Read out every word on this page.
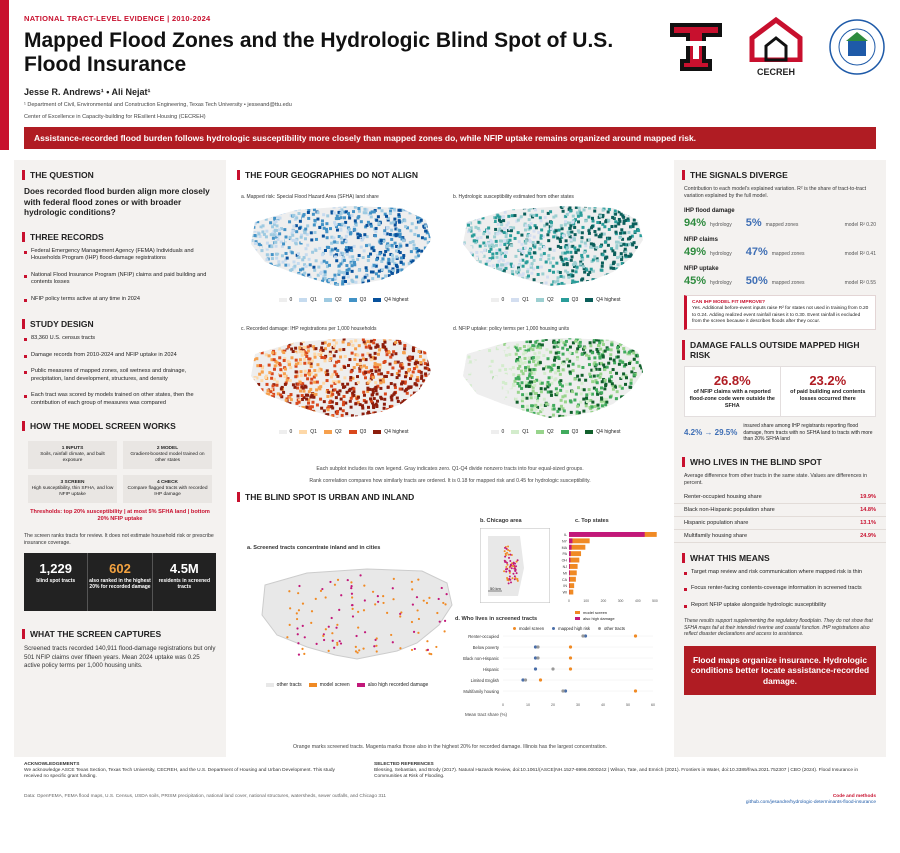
NATIONAL TRACT-LEVEL EVIDENCE | 2010-2024
Mapped Flood Zones and the Hydrologic Blind Spot of U.S. Flood Insurance
Jesse R. Andrews¹ • Ali Nejat¹
¹ Department of Civil, Environmental and Construction Engineering, Texas Tech University • jesseand@ttu.edu
Center of Excellence in Capacity-building for REsilient Housing (CECREH)
CECREH
Assistance-recorded flood burden follows hydrologic susceptibility more closely than mapped zones do, while NFIP uptake remains organized around mapped risk.
THE QUESTION
Does recorded flood burden align more closely with federal flood zones or with broader hydrologic conditions?
THREE RECORDS
Federal Emergency Management Agency (FEMA) Individuals and Households Program (IHP) flood-damage registrations
National Flood Insurance Program (NFIP) claims and paid building and contents losses
NFIP policy terms active at any time in 2024
STUDY DESIGN
83,360 U.S. census tracts
Damage records from 2010-2024 and NFIP uptake in 2024
Public measures of mapped zones, soil wetness and drainage, precipitation, land development, structures, and density
Each tract was scored by models trained on other states, then the contribution of each group of measures was compared
HOW THE MODEL SCREEN WORKS
1 INPUTS
Soils, rainfall climate, and built exposure
2 MODEL
Gradient-boosted model trained on other states
3 SCREEN
High susceptibility, thin SFHA, and low NFIP uptake
4 CHECK
Compare flagged tracts with recorded IHP damage
Thresholds: top 20% susceptibility | at most 5% SFHA land | bottom 20% NFIP uptake
The screen ranks tracts for review. It does not estimate household risk or prescribe insurance coverage.
1,229
blind spot tracts
602
also ranked in the highest 20% for recorded damage
4.5M
residents in screened tracts
WHAT THE SCREEN CAPTURES
Screened tracts recorded 140,911 flood-damage registrations but only 501 NFIP claims over fifteen years. Mean 2024 uptake was 0.25 active policy terms per 1,000 housing units.
THE FOUR GEOGRAPHIES DO NOT ALIGN
a. Mapped risk: Special Flood Hazard Area (SFHA) land share
0	Q1	Q2	Q3	Q4 highest
b. Hydrologic susceptibility estimated from other states
0	Q1	Q2	Q3	Q4 highest
c. Recorded damage: IHP registrations per 1,000 households
0	Q1	Q2	Q3	Q4 highest
d. NFIP uptake: policy terms per 1,000 housing units
0	Q1	Q2	Q3	Q4 highest
Each subplot includes its own legend. Gray indicates zero. Q1-Q4 divide nonzero tracts into four equal-sized groups.
Rank correlation compares how similarly tracts are ordered. It is 0.18 for mapped risk and 0.45 for hydrologic susceptibility.
THE BLIND SPOT IS URBAN AND INLAND
a. Screened tracts concentrate inland and in cities
other tracts	model screen	also high recorded damage
b. Chicago area
50 km
c. Top states
IL
NY
MA
PA
OH
NJ
MI
CA
IN
WI
0	100	200	300	400	500
model screen
also high damage
d. Who lives in screened tracts
model screen	mapped high risk	other tracts
Renter-occupied
Below poverty
Black non-Hispanic
Hispanic
Limited English
Multifamily housing
0	10	20	30	40	50	60
Mean tract share (%)
Orange marks screened tracts. Magenta marks those also in the highest 20% for recorded damage. Illinois has the largest concentration.
THE SIGNALS DIVERGE
Contribution to each model's explained variation. R² is the share of tract-to-tract variation explained by the full model.
IHP flood damage
94% hydrology 5% mapped zones	model R² 0.20
NFIP claims
49% hydrology 47% mapped zones	model R² 0.41
NFIP uptake
45% hydrology 50% mapped zones	model R² 0.55
CAN IHP MODEL FIT IMPROVE?
Yes. Additional before-event inputs raise R² for states not used in training from 0.20 to 0.24. Adding realized event rainfall raises it to 0.30. Event rainfall is excluded from the screen because it describes floods after they occur.
DAMAGE FALLS OUTSIDE MAPPED HIGH RISK
26.8%
of NFIP claims with a reported flood-zone code were outside the SFHA
23.2%
of paid building and contents losses occurred there
4.2% → 29.5%
insured share among IHP registrants reporting flood damage, from tracts with no SFHA land to tracts with more than 20% SFHA land
WHO LIVES IN THE BLIND SPOT
Average difference from other tracts in the same state. Values are differences in percent.
Renter-occupied housing share	19.9%
Black non-Hispanic population share	14.8%
Hispanic population share	13.1%
Multifamily housing share	24.9%
WHAT THIS MEANS
Target map review and risk communication where mapped risk is thin
Focus renter-facing contents-coverage information in screened tracts
Report NFIP uptake alongside hydrologic susceptibility
These results support supplementing the regulatory floodplain. They do not show that SFHA maps fail at their intended riverine and coastal function. IHP registrations also reflect disaster declarations and access to assistance.
Flood maps organize insurance. Hydrologic conditions better locate assistance-recorded damage.
ACKNOWLEDGEMENTS
We acknowledge ASCE Texas Section, Texas Tech University, CECREH, and the U.S. Department of Housing and Urban Development. This study received no specific grant funding.
SELECTED REFERENCES
Blessing, Sebastian, and Brody (2017). Natural Hazards Review, doi:10.1061/(ASCE)NH.1527-6996.0000242 | Wilson, Tate, and Emrich (2021). Frontiers in Water, doi:10.3389/frwa.2021.752307 | CBO (2024). Flood Insurance in Communities at Risk of Flooding.
Data: OpenFEMA, FEMA flood maps, U.S. Census, USDA soils, PRISM precipitation, national land cover, national structures, watersheds, sewer outfalls, and Chicago 311	Code and methods
github.com/jesandre/hydrologic-determinants-flood-insurance
